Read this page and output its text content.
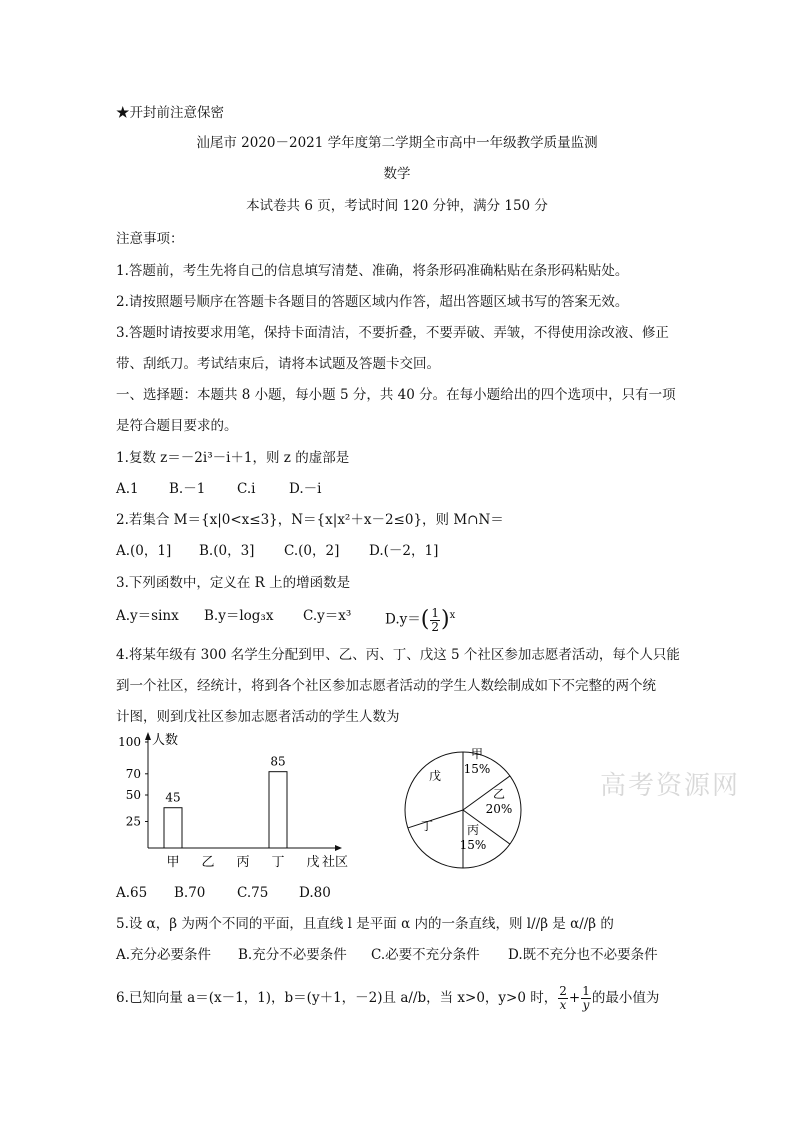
★开封前注意保密
汕尾市 2020－2021 学年度第二学期全市高中一年级教学质量监测
数学
本试卷共 6 页，考试时间 120 分钟，满分 150 分
注意事项：
1.答题前，考生先将自己的信息填写清楚、准确，将条形码准确粘贴在条形码粘贴处。
2.请按照题号顺序在答题卡各题目的答题区域内作答，超出答题区域书写的答案无效。
3.答题时请按要求用笔，保持卡面清洁，不要折叠，不要弄破、弄皱，不得使用涂改液、修正
带、刮纸刀。考试结束后，请将本试题及答题卡交回。
一、选择题：本题共 8 小题，每小题 5 分，共 40 分。在每小题给出的四个选项中，只有一项
是符合题目要求的。
1.复数 z＝－2i³－i＋1，则 z 的虚部是
A.1 B.－1 C.i D.－i
2.若集合 M＝{x|0<x≤3}，N＝{x|x²＋x－2≤0}，则 M∩N＝
A.(0，1] B.(0，3] C.(0，2] D.(－2，1]
3.下列函数中，定义在 R 上的增函数是
A.y＝sinx B.y＝log₃x C.y＝x³ $D.y=( \frac{1}{2} )^x$
4.将某年级有 300 名学生分配到甲、乙、丙、丁、戊这 5 个社区参加志愿者活动，每个人只能
到一个社区，经统计，将到各个社区参加志愿者活动的学生人数绘制成如下不完整的两个统
计图，则到戊社区参加志愿者活动的学生人数为
人数
25
50
70
100
甲
45
乙 丙 丁
85
戊 社区
甲
15%
乙
20%
丙
15%
丁
戊	高考资源网
A.65 B.70 C.75 D.80
5.设 α，β 为两个不同的平面，且直线 l 是平面 α 内的一条直线，则 l//β 是 α//β 的
A.充分必要条件 B.充分不必要条件 C.必要不充分条件 D.既不充分也不必要条件
6.已知向量 a＝(x－1，1)，b＝(y＋1，－2)且 a//b，当 x>0，y>0 时， $\frac{2}{x} + \frac{1}{y}$ 的最小值为
